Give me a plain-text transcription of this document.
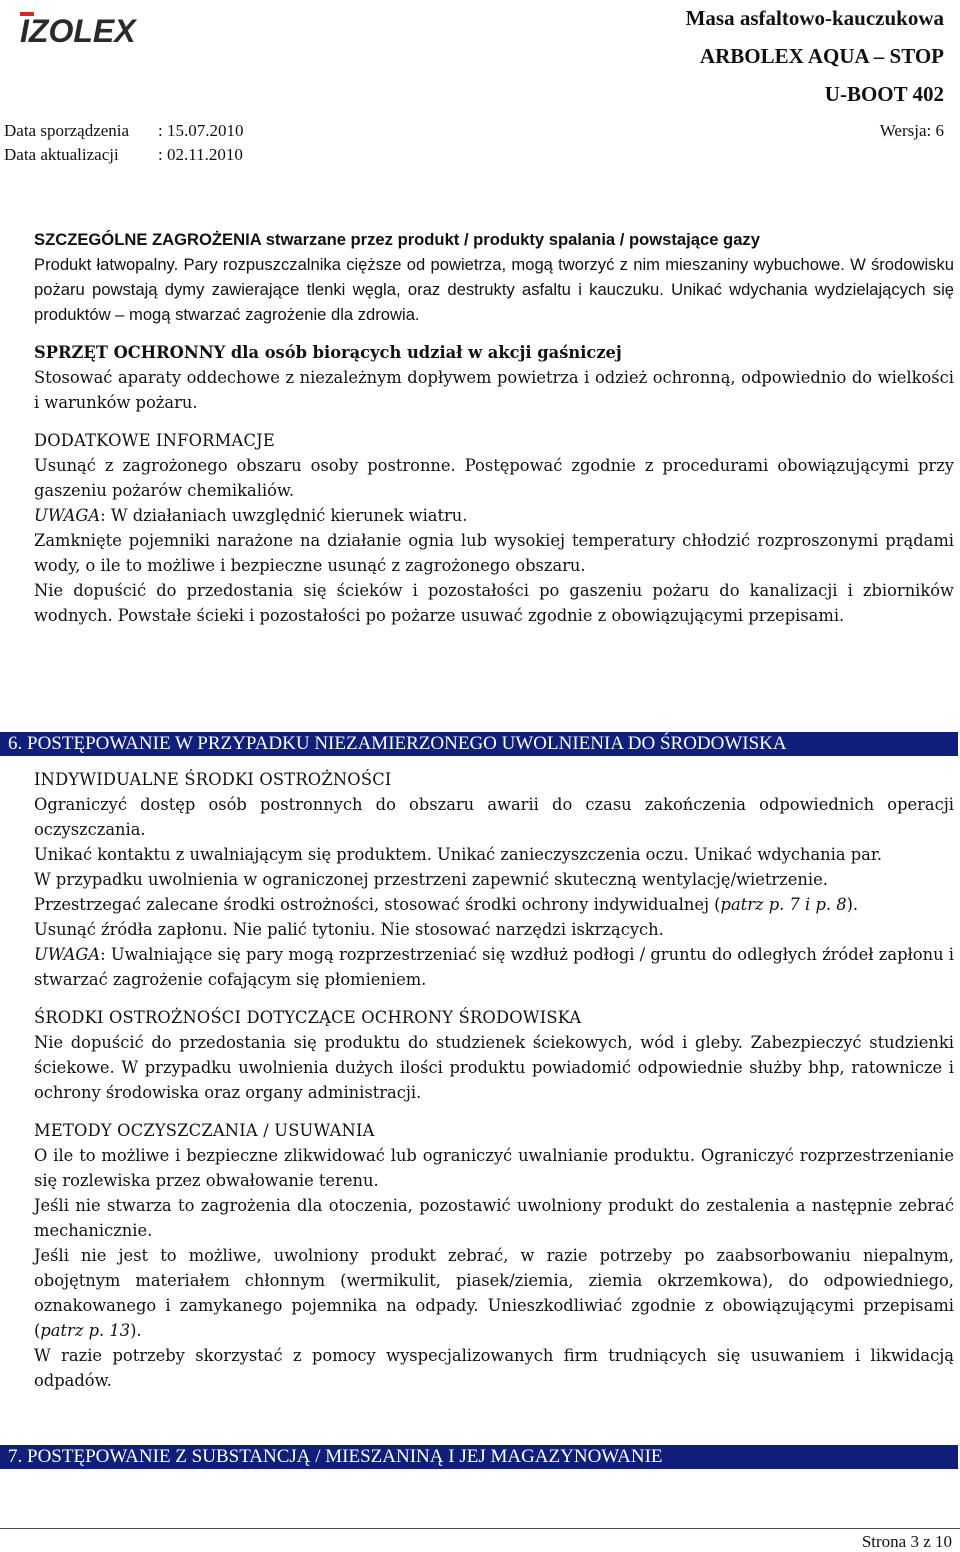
IZOLEX	Masa asfaltowo-kauczukowa
ARBOLEX AQUA – STOP
U-BOOT 402
Data sporządzenia : 15.07.2010	Wersja: 6
Data aktualizacji : 02.11.2010

SZCZEGÓLNE ZAGROŻENIA stwarzane przez produkt / produkty spalania / powstające gazy

Produkt łatwopalny. Pary rozpuszczalnika cięższe od powietrza, mogą tworzyć z nim mieszaniny wybuchowe. W środowisku pożaru powstają dymy zawierające tlenki węgla, oraz destrukty asfaltu i kauczuku. Unikać wdychania wydzielających się produktów – mogą stwarzać zagrożenie dla zdrowia.

SPRZĘT OCHRONNY dla osób biorących udział w akcji gaśniczej

Stosować aparaty oddechowe z niezależnym dopływem powietrza i odzież ochronną, odpowiednio do wielkości i warunków pożaru.

DODATKOWE INFORMACJE

Usunąć z zagrożonego obszaru osoby postronne. Postępować zgodnie z procedurami obowiązującymi przy gaszeniu pożarów chemikaliów.

UWAGA: W działaniach uwzględnić kierunek wiatru.

Zamknięte pojemniki narażone na działanie ognia lub wysokiej temperatury chłodzić rozproszonymi prądami wody, o ile to możliwe i bezpieczne usunąć z zagrożonego obszaru.

Nie dopuścić do przedostania się ścieków i pozostałości po gaszeniu pożaru do kanalizacji i zbiorników wodnych. Powstałe ścieki i pozostałości po pożarze usuwać zgodnie z obowiązującymi przepisami.

6. POSTĘPOWANIE W PRZYPADKU NIEZAMIERZONEGO UWOLNIENIA DO ŚRODOWISKA

INDYWIDUALNE ŚRODKI OSTROŻNOŚCI

Ograniczyć dostęp osób postronnych do obszaru awarii do czasu zakończenia odpowiednich operacji oczyszczania.

Unikać kontaktu z uwalniającym się produktem. Unikać zanieczyszczenia oczu. Unikać wdychania par.

W przypadku uwolnienia w ograniczonej przestrzeni zapewnić skuteczną wentylację/wietrzenie.

Przestrzegać zalecane środki ostrożności, stosować środki ochrony indywidualnej (patrz p. 7 i p. 8).

Usunąć źródła zapłonu. Nie palić tytoniu. Nie stosować narzędzi iskrzących.

UWAGA: Uwalniające się pary mogą rozprzestrzeniać się wzdłuż podłogi / gruntu do odległych źródeł zapłonu i stwarzać zagrożenie cofającym się płomieniem.

ŚRODKI OSTROŻNOŚCI DOTYCZĄCE OCHRONY ŚRODOWISKA

Nie dopuścić do przedostania się produktu do studzienek ściekowych, wód i gleby. Zabezpieczyć studzienki ściekowe. W przypadku uwolnienia dużych ilości produktu powiadomić odpowiednie służby bhp, ratownicze i ochrony środowiska oraz organy administracji.

METODY OCZYSZCZANIA / USUWANIA

O ile to możliwe i bezpieczne zlikwidować lub ograniczyć uwalnianie produktu. Ograniczyć rozprzestrzenianie się rozlewiska przez obwałowanie terenu.

Jeśli nie stwarza to zagrożenia dla otoczenia, pozostawić uwolniony produkt do zestalenia a następnie zebrać mechanicznie.

Jeśli nie jest to możliwe, uwolniony produkt zebrać, w razie potrzeby po zaabsorbowaniu niepalnym, obojętnym materiałem chłonnym (wermikulit, piasek/ziemia, ziemia okrzemkowa), do odpowiedniego, oznakowanego i zamykanego pojemnika na odpady. Unieszkodliwiać zgodnie z obowiązującymi przepisami (patrz p. 13).

W razie potrzeby skorzystać z pomocy wyspecjalizowanych firm trudniących się usuwaniem i likwidacją odpadów.

7. POSTĘPOWANIE Z SUBSTANCJĄ / MIESZANINĄ I JEJ MAGAZYNOWANIE
Strona 3 z 10
